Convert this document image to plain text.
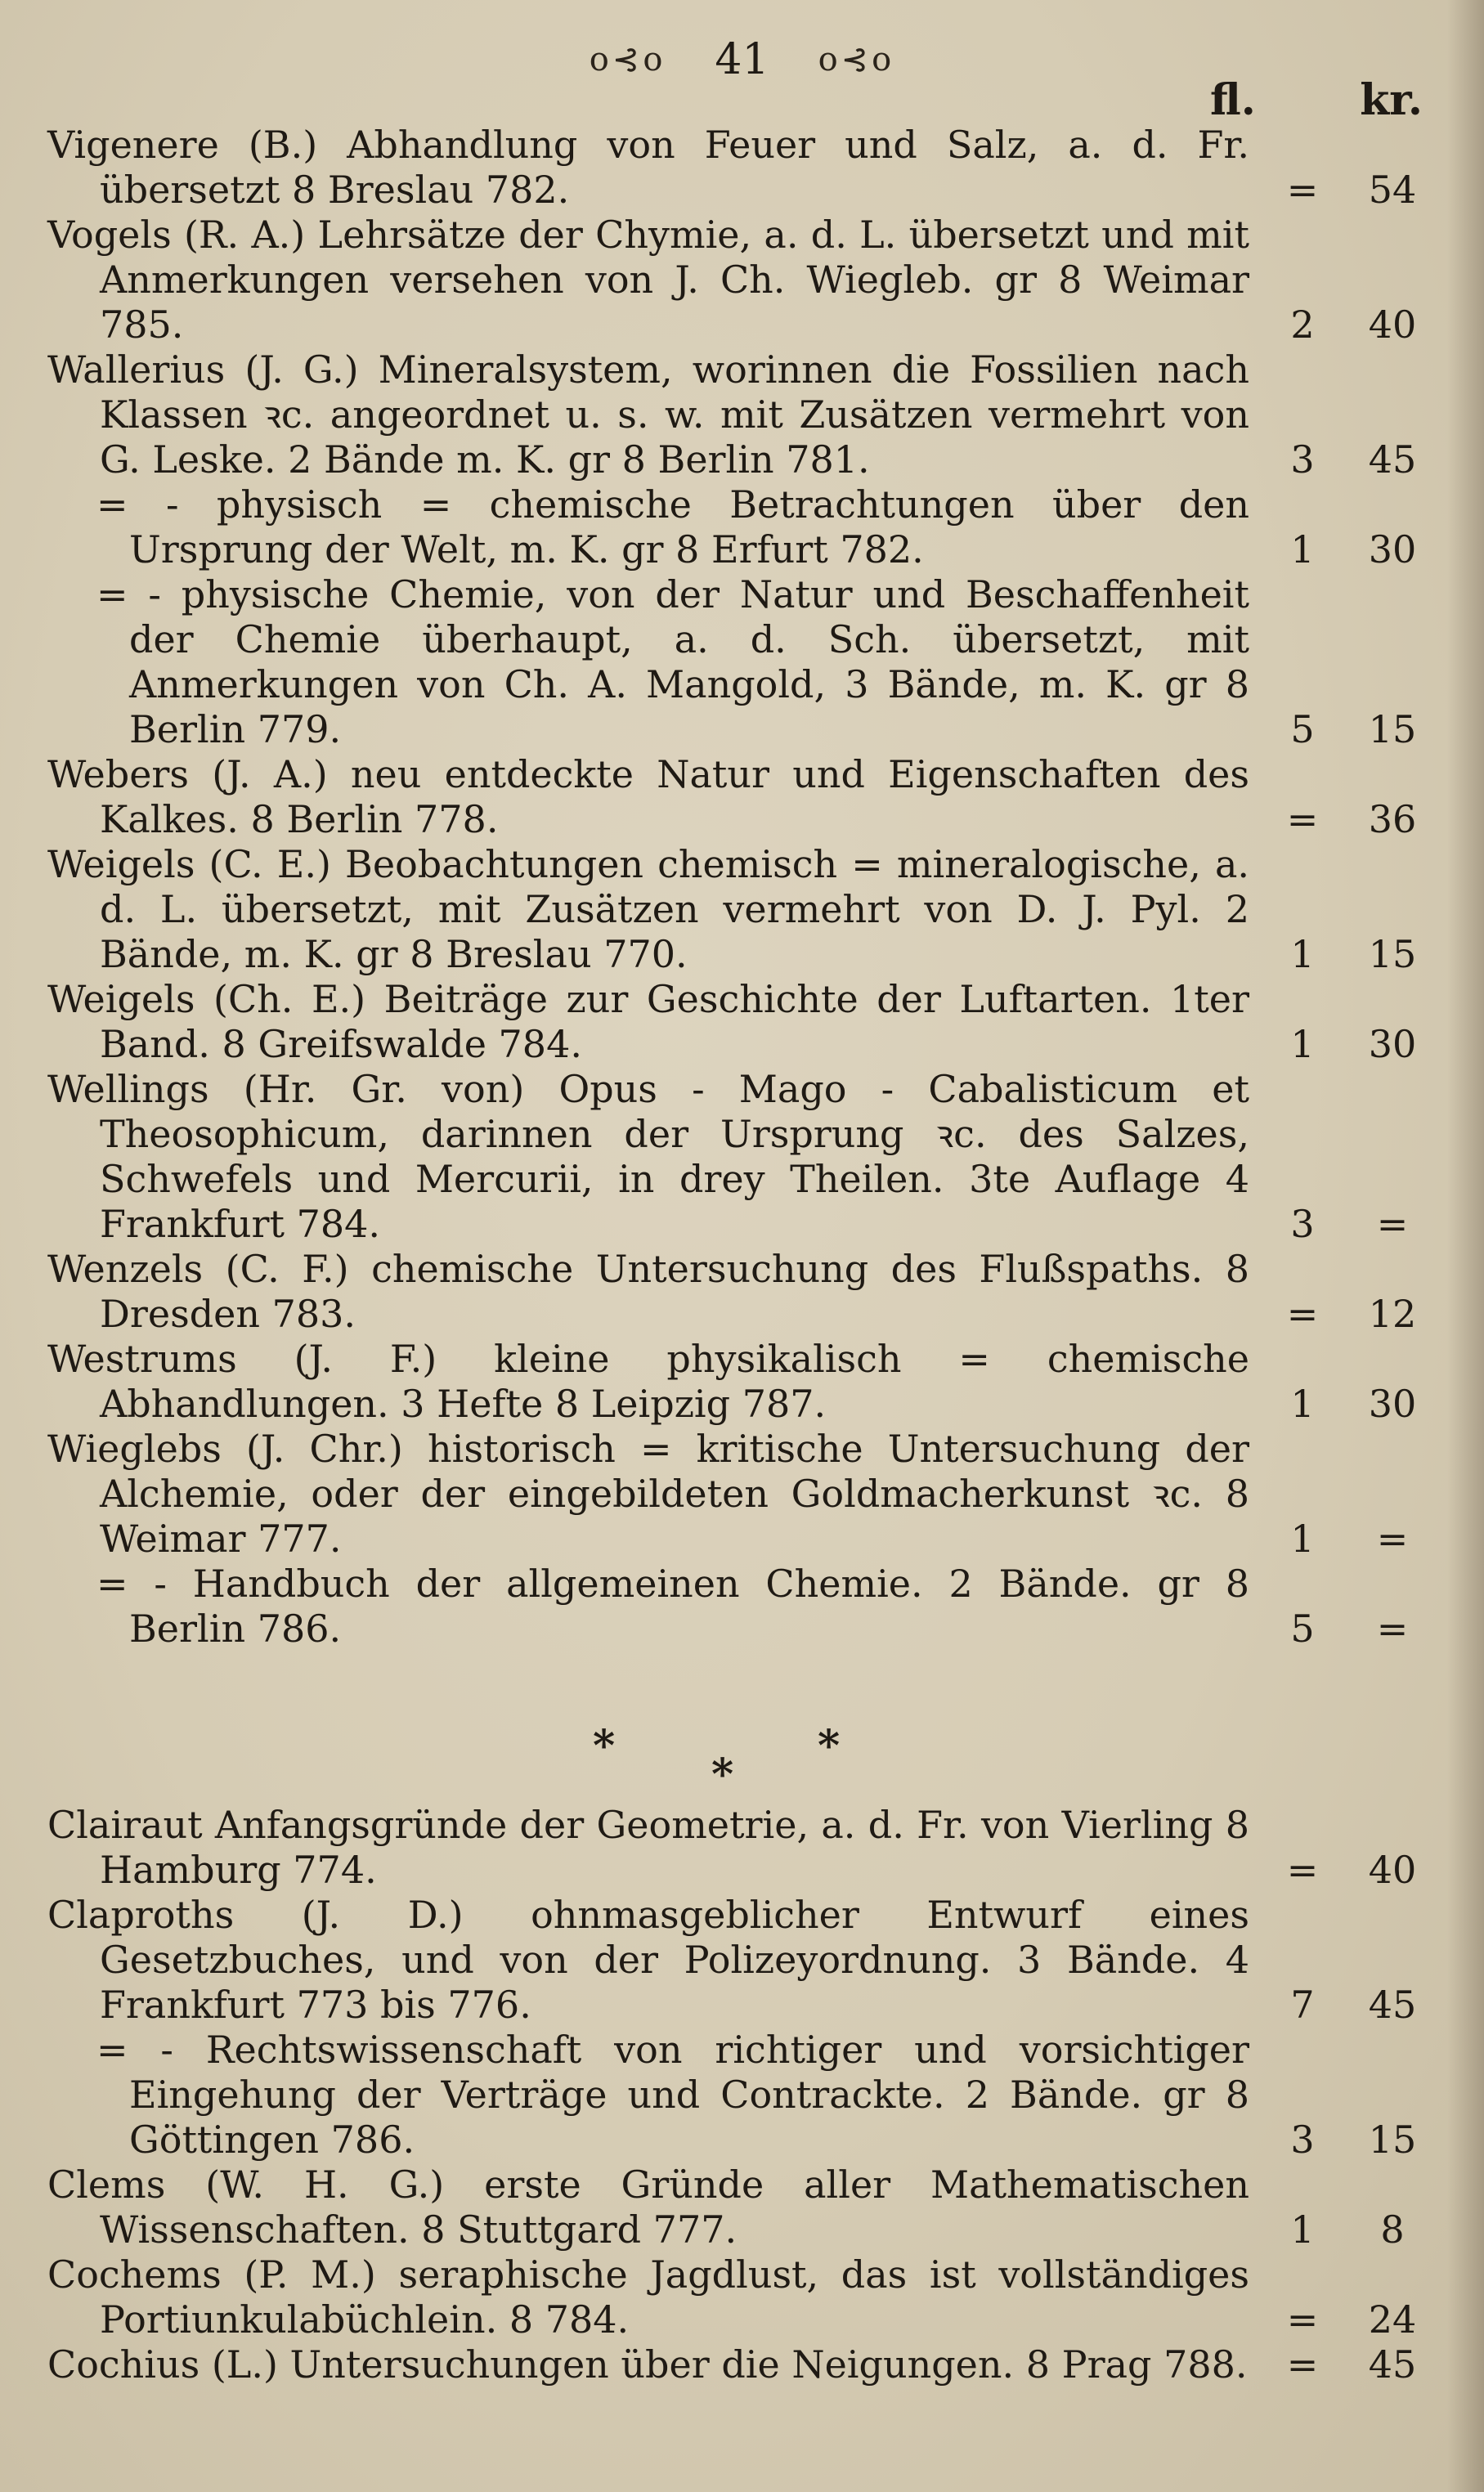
o⊰o 41 o⊰o
fl. kr.
Vigenere (B.) Abhandlung von Feuer und Salz, a. d. Fr. übersetzt 8 Breslau 782.	=	54
Vogels (R. A.) Lehrsätze der Chymie, a. d. L. übersetzt und mit Anmerkungen versehen von J. Ch. Wiegleb. gr 8 Weimar 785.	2	40
Wallerius (J. G.) Mineralsystem, worinnen die Fossilien nach Klassen ꝛc. angeordnet u. s. w. mit Zusätzen vermehrt von G. Leske. 2 Bände m. K. gr 8 Berlin 781.	3	45
= - physisch = chemische Betrachtungen über den Ursprung der Welt, m. K. gr 8 Erfurt 782.	1	30
= - physische Chemie, von der Natur und Beschaffenheit der Chemie überhaupt, a. d. Sch. übersetzt, mit Anmerkungen von Ch. A. Mangold, 3 Bände, m. K. gr 8 Berlin 779.	5	15
Webers (J. A.) neu entdeckte Natur und Eigenschaften des Kalkes. 8 Berlin 778.	=	36
Weigels (C. E.) Beobachtungen chemisch = mineralogische, a. d. L. übersetzt, mit Zusätzen vermehrt von D. J. Pyl. 2 Bände, m. K. gr 8 Breslau 770.	1	15
Weigels (Ch. E.) Beiträge zur Geschichte der Luftarten. 1ter Band. 8 Greifswalde 784.	1	30
Wellings (Hr. Gr. von) Opus - Mago - Cabalisticum et Theosophicum, darinnen der Ursprung ꝛc. des Salzes, Schwefels und Mercurii, in drey Theilen. 3te Auflage 4 Frankfurt 784.	3	=
Wenzels (C. F.) chemische Untersuchung des Flußspaths. 8 Dresden 783.	=	12
Westrums (J. F.) kleine physikalisch = chemische Abhandlungen. 3 Hefte 8 Leipzig 787.	1	30
Wieglebs (J. Chr.) historisch = kritische Untersuchung der Alchemie, oder der eingebildeten Goldmacherkunst ꝛc. 8 Weimar 777.	1	=
= - Handbuch der allgemeinen Chemie. 2 Bände. gr 8 Berlin 786.	5	=
*
*
*
Clairaut Anfangsgründe der Geometrie, a. d. Fr. von Vierling 8 Hamburg 774.	=	40
Claproths (J. D.) ohnmasgeblicher Entwurf eines Gesetzbuches, und von der Polizeyordnung. 3 Bände. 4 Frankfurt 773 bis 776.	7	45
= - Rechtswissenschaft von richtiger und vorsichtiger Eingehung der Verträge und Contrackte. 2 Bände. gr 8 Göttingen 786.	3	15
Clems (W. H. G.) erste Gründe aller Mathematischen Wissenschaften. 8 Stuttgard 777.	1	8
Cochems (P. M.) seraphische Jagdlust, das ist vollständiges Portiunkulabüchlein. 8 784.	=	24
Cochius (L.) Untersuchungen über die Neigungen. 8 Prag 788.	=	45
